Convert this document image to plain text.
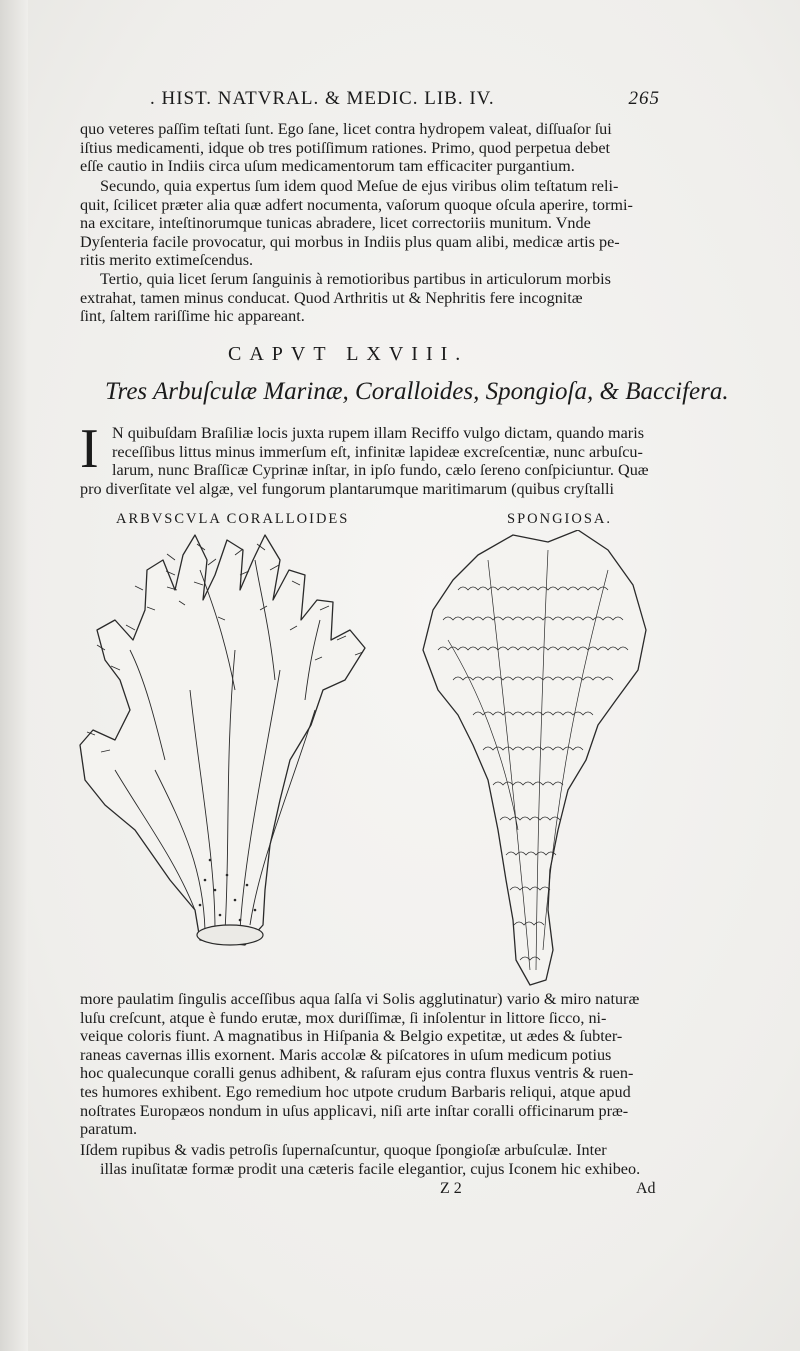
. HIST. NATVRAL. & MEDIC. LIB. IV.	265
quo veteres paſſim teſtati ſunt. Ego ſane, licet contra hydropem valeat, diſſuaſor ſui
iſtius medicamenti, idque ob tres potiſſimum rationes. Primo, quod perpetua debet
eſſe cautio in Indiis circa uſum medicamentorum tam efficaciter purgantium.
Secundo, quia expertus ſum idem quod Meſue de ejus viribus olim teſtatum reli-
quit, ſcilicet præter alia quæ adfert nocumenta, vaſorum quoque oſcula aperire, tormi-
na excitare, inteſtinorumque tunicas abradere, licet correctoriis munitum. Vnde
Dyſenteria facile provocatur, qui morbus in Indiis plus quam alibi, medicæ artis pe-
ritis merito extimeſcendus.
Tertio, quia licet ſerum ſanguinis à remotioribus partibus in articulorum morbis
extrahat, tamen minus conducat. Quod Arthritis ut & Nephritis fere incognitæ
ſint, ſaltem rariſſime hic appareant.
CAPVT LXVIII.
Tres Arbuſculæ Marinæ, Coralloides, Spongioſa, & Baccifera.
I N quibuſdam Braſiliæ locis juxta rupem illam Reciffo vulgo dictam, quando maris
receſſibus littus minus immerſum eſt, infinitæ lapideæ excreſcentiæ, nunc arbuſcu-
larum, nunc Braſſicæ Cyprinæ inſtar, in ipſo fundo, cælo ſereno conſpiciuntur. Quæ
pro diverſitate vel algæ, vel fungorum plantarumque maritimarum (quibus cryſtalli
ARBVSCVLA CORALLOIDES	SPONGIOSA.
more paulatim ſingulis acceſſibus aqua ſalſa vi Solis agglutinatur) vario & miro naturæ
luſu creſcunt, atque è fundo erutæ, mox duriſſimæ, ſi inſolentur in littore ſicco, ni-
veique coloris fiunt. A magnatibus in Hiſpania & Belgio expetitæ, ut ædes & ſubter-
raneas cavernas illis exornent. Maris accolæ & piſcatores in uſum medicum potius
hoc qualecunque coralli genus adhibent, & raſuram ejus contra fluxus ventris & ruen-
tes humores exhibent. Ego remedium hoc utpote crudum Barbaris reliqui, atque apud
noſtrates Europæos nondum in uſus applicavi, niſi arte inſtar coralli officinarum præ-
paratum.
Iſdem rupibus & vadis petroſis ſupernaſcuntur, quoque ſpongioſæ arbuſculæ. Inter
illas inuſitatæ formæ prodit una cæteris facile elegantior, cujus Iconem hic exhibeo.
Z 2	Ad
